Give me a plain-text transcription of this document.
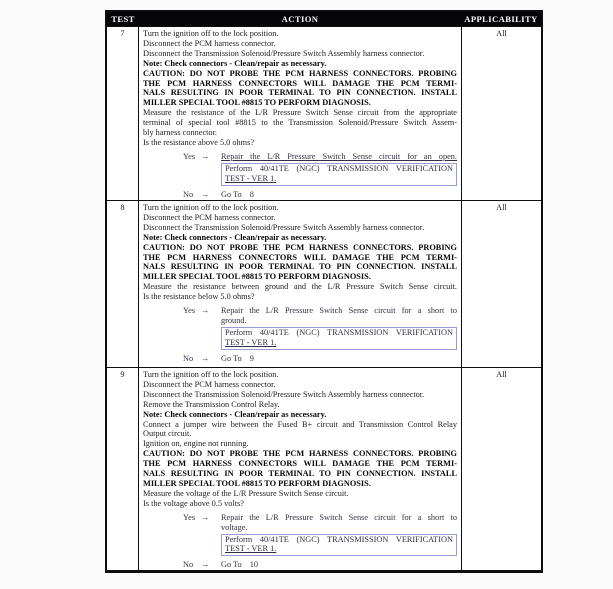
TEST	ACTION	APPLICABILITY
7	Turn the ignition off to the lock position.
Disconnect the PCM harness connector.
Disconnect the Transmission Solenoid/Pressure Switch Assembly harness connector.
Note: Check connectors - Clean/repair as necessary.
CAUTION: DO NOT PROBE THE PCM HARNESS CONNECTORS. PROBING
THE PCM HARNESS CONNECTORS WILL DAMAGE THE PCM TERMI-
NALS RESULTING IN POOR TERMINAL TO PIN CONNECTION. INSTALL
MILLER SPECIAL TOOL #8815 TO PERFORM DIAGNOSIS.
Measure the resistance of the L/R Pressure Switch Sense circuit from the appropriate
terminal of special tool #8815 to the Transmission Solenoid/Pressure Switch Assem-
bly harness connector.
Is the resistance above 5.0 ohms?
Yes →	Repair the L/R Pressure Switch Sense circuit for an open.
Perform 40/41TE (NGC) TRANSMISSION VERIFICATION
TEST - VER 1.
No →	Go To 8
All
8	Turn the ignition off to the lock position.
Disconnect the PCM harness connector.
Disconnect the Transmission Solenoid/Pressure Switch Assembly harness connector.
Note: Check connectors - Clean/repair as necessary.
CAUTION: DO NOT PROBE THE PCM HARNESS CONNECTORS. PROBING
THE PCM HARNESS CONNECTORS WILL DAMAGE THE PCM TERMI-
NALS RESULTING IN POOR TERMINAL TO PIN CONNECTION. INSTALL
MILLER SPECIAL TOOL #8815 TO PERFORM DIAGNOSIS.
Measure the resistance between ground and the L/R Pressure Switch Sense circuit.
Is the resistance below 5.0 ohms?
Yes →	Repair the L/R Pressure Switch Sense circuit for a short to
ground.
Perform 40/41TE (NGC) TRANSMISSION VERIFICATION
TEST - VER 1.
No →	Go To 9
All
9	Turn the ignition off to the lock position.
Disconnect the PCM harness connector.
Disconnect the Transmission Solenoid/Pressure Switch Assembly harness connector.
Remove the Transmission Control Relay.
Note: Check connectors - Clean/repair as necessary.
Connect a jumper wire between the Fused B+ circuit and Transmission Control Relay
Output circuit.
Ignition on, engine not running.
CAUTION: DO NOT PROBE THE PCM HARNESS CONNECTORS. PROBING
THE PCM HARNESS CONNECTORS WILL DAMAGE THE PCM TERMI-
NALS RESULTING IN POOR TERMINAL TO PIN CONNECTION. INSTALL
MILLER SPECIAL TOOL #8815 TO PERFORM DIAGNOSIS.
Measure the voltage of the L/R Pressure Switch Sense circuit.
Is the voltage above 0.5 volts?
Yes →	Repair the L/R Pressure Switch Sense circuit for a short to
voltage.
Perform 40/41TE (NGC) TRANSMISSION VERIFICATION
TEST - VER 1.
No →	Go To 10
All
